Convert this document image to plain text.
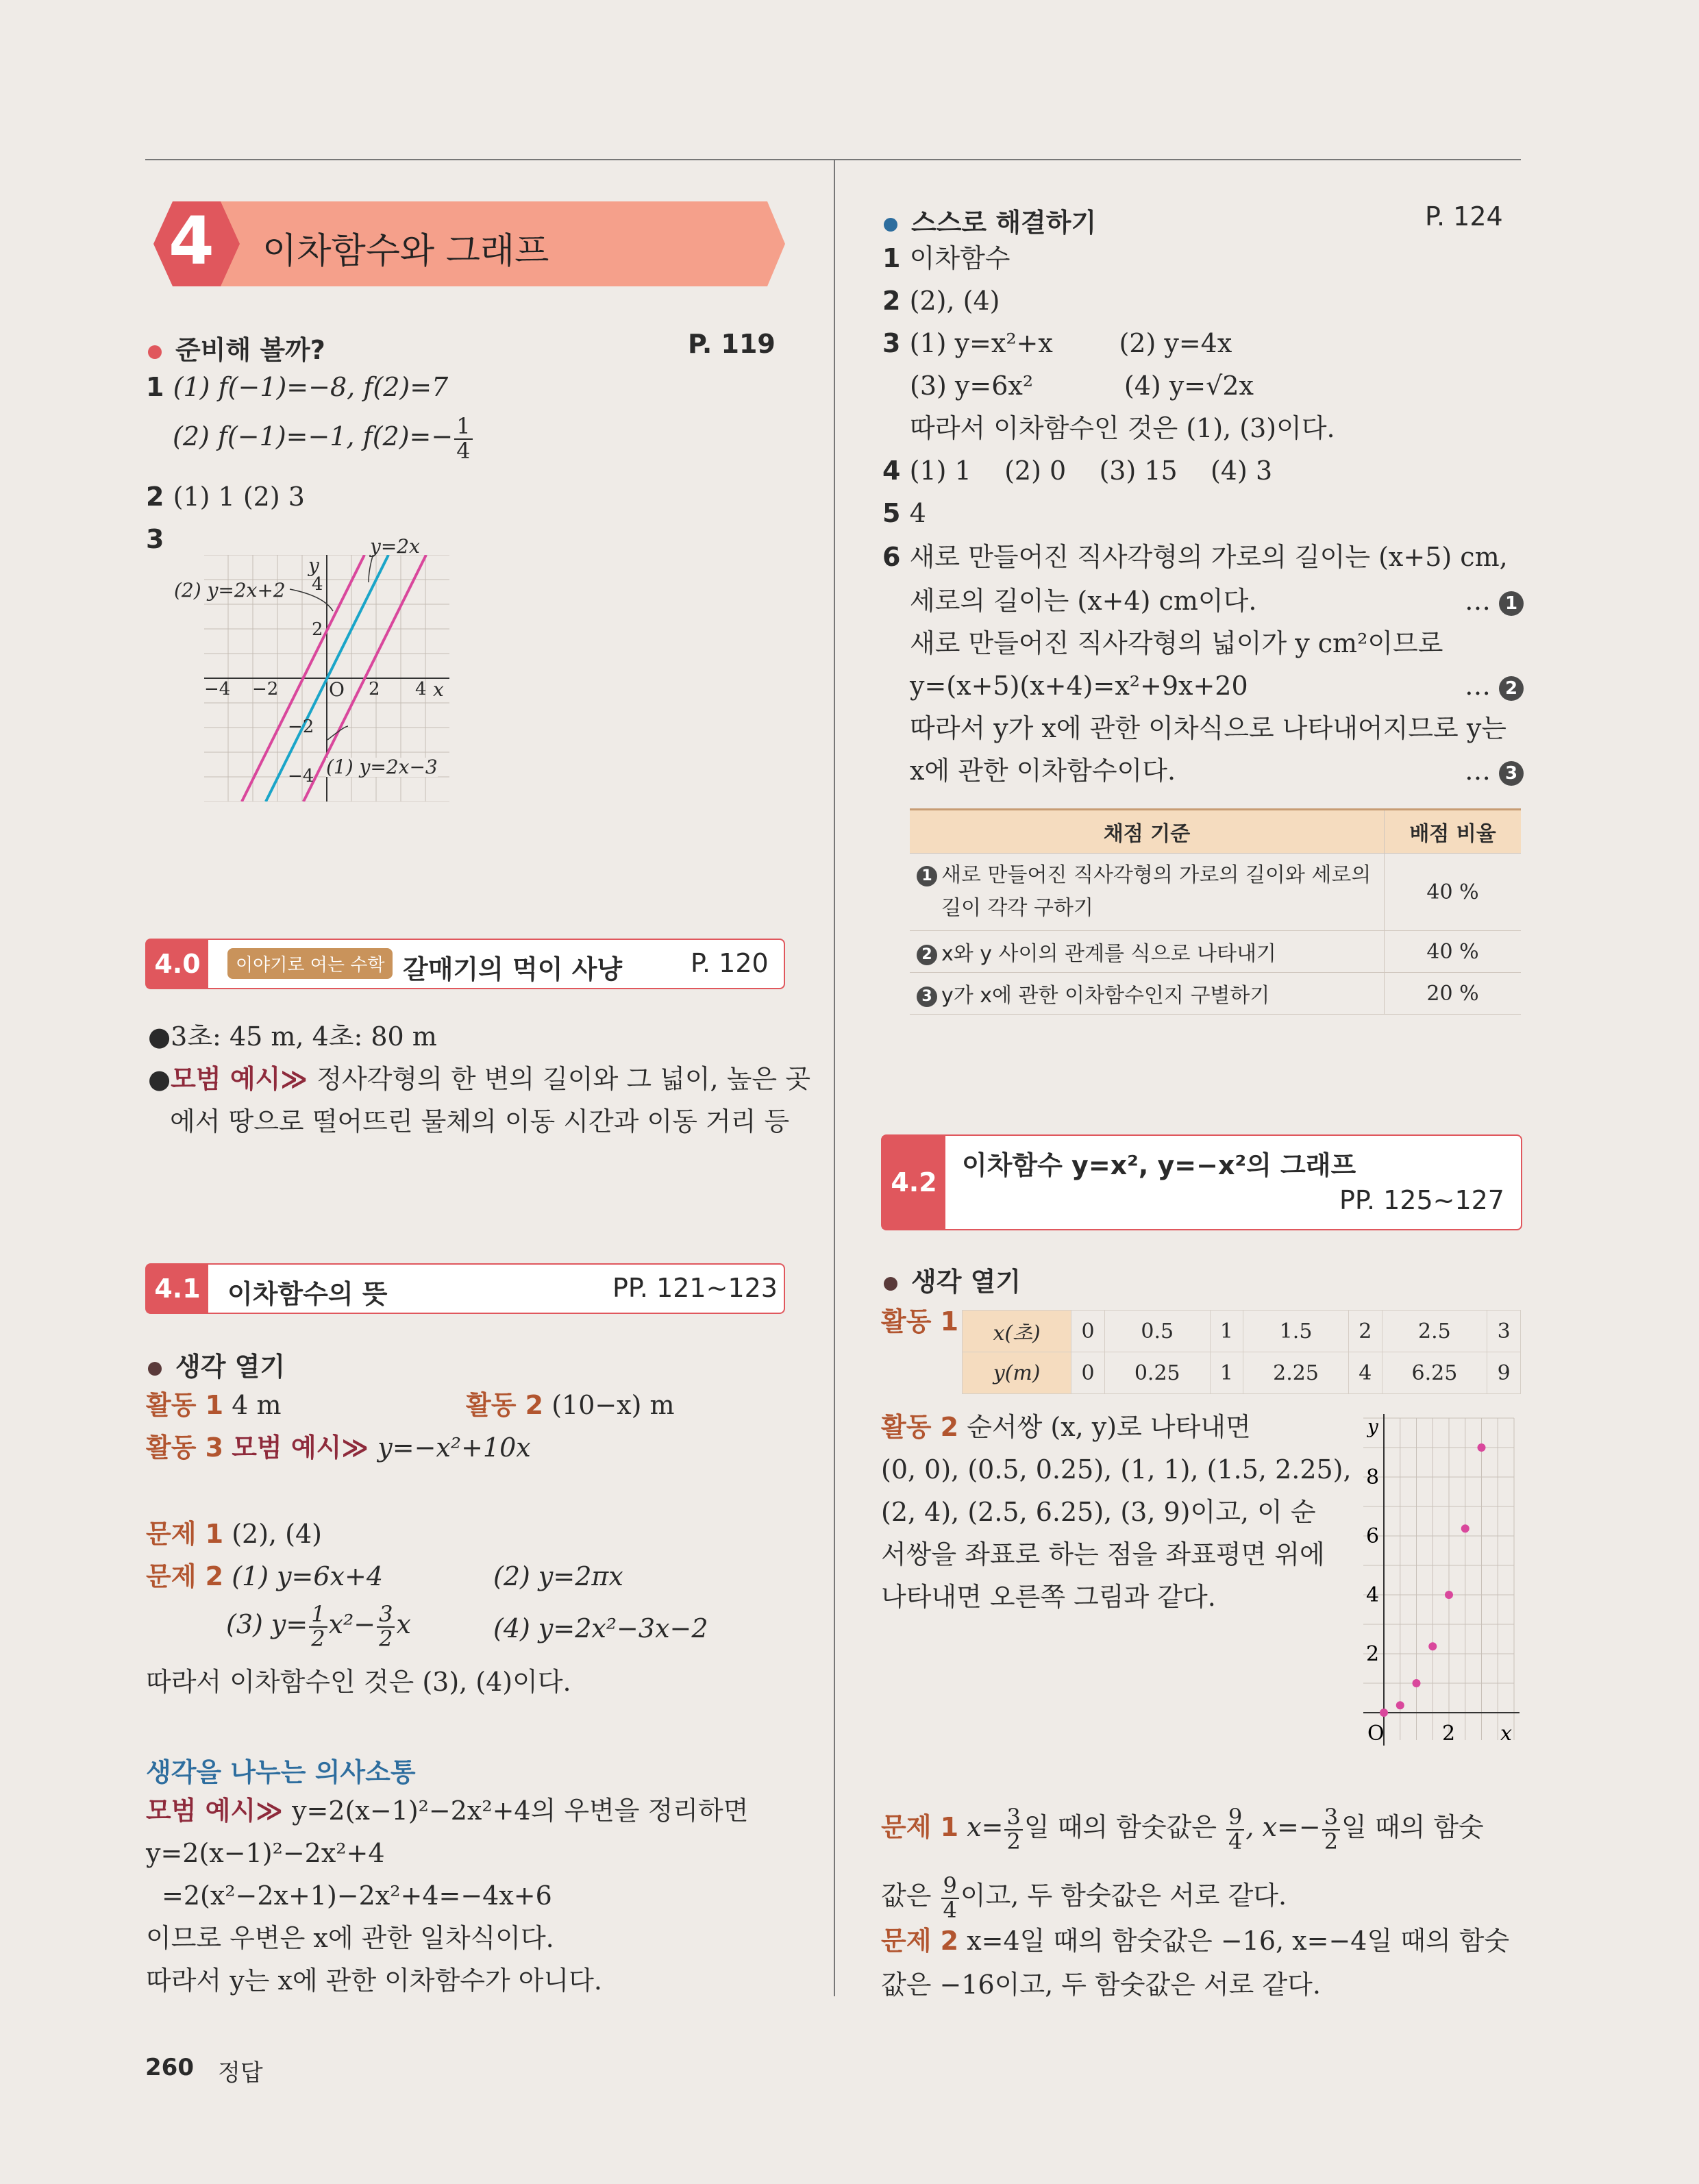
4 이차함수와 그래프
준비해 볼까?	P. 119
1 (1) f(−1)=−8, f(2)=7
(2) f(−1)=−1, $f(2)=- \frac{1}{4}$
2 (1) 1 (2) 3
3	y=2x
(2) y=2x+2
(1) y=2x−3
x
y
O
4
2
−2
−4
2 4
−2
−4
4.0	이야기로 여는 수학 갈매기의 먹이 사냥	P. 120
●3초: 45 m, 4초: 80 m
●모범 예시≫ 정사각형의 한 변의 길이와 그 넓이, 높은 곳
에서 땅으로 떨어뜨린 물체의 이동 시간과 이동 거리 등
4.1 이차함수의 뜻	PP. 121~123
생각 열기
활동 1 4 m	활동 2 (10−x) m
활동 3 모범 예시≫ y=−x²+10x
문제 1 (2), (4)
문제 2 (1) y=6x+4	(2) y=2πx
(3) $y= \frac{1}{2} x^2- \frac{3}{2}$ x	(4) y=2x²−3x−2
따라서 이차함수인 것은 (3), (4)이다.
생각을 나누는 의사소통
모범 예시≫ y=2(x−1)²−2x²+4의 우변을 정리하면
y=2(x−1)²−2x²+4
=2(x²−2x+1)−2x²+4=−4x+6
이므로 우변은 x에 관한 일차식이다.
따라서 y는 x에 관한 이차함수가 아니다.
260 정답
스스로 해결하기	P. 124
1 이차함수
2 (2), (4)
3 (1) y=x²+x        (2) y=4x
(3) y=6x²           (4) y=√2x
따라서 이차함수인 것은 (1), (3)이다.
4 (1) 1    (2) 0    (3) 15    (4) 3
5 4
6 새로 만들어진 직사각형의 가로의 길이는 (x+5) cm,
세로의 길이는 (x+4) cm이다.	… 1
새로 만들어진 직사각형의 넓이가 y cm²이므로
y=(x+5)(x+4)=x²+9x+20	… 2
따라서 y가 x에 관한 이차식으로 나타내어지므로 y는
x에 관한 이차함수이다.	… 3
채점 기준	배점 비율
1 새로 만들어진 직사각형의 가로의 길이와 세로의
길이 각각 구하기	40 %
2 x와 y 사이의 관계를 식으로 나타내기	40 %
3 y가 x에 관한 이차함수인지 구별하기	20 %
4.2
이차함수 y=x², y=−x²의 그래프
PP. 125~127
생각 열기
활동 1 x(초)	0	0.5	1	1.5	2	2.5	3
y(m)	0	0.25	1	2.25	4	6.25	9
활동 2 순서쌍 (x, y)로 나타내면
(0, 0), (0.5, 0.25), (1, 1), (1.5, 2.25),
(2, 4), (2.5, 6.25), (3, 9)이고, 이 순
서쌍을 좌표로 하는 점을 좌표평면 위에
나타내면 오른쪽 그림과 같다.
x
y
O	2
2
4
6
8
문제 1 $x= \frac{3}{2}$ 일 때의 함숫값은 $\frac{9}{4}$ , $x=- \frac{3}{2}$ 일 때의 함숫
값은 $\frac{9}{4}$ 이고, 두 함숫값은 서로 같다.
문제 2 x=4일 때의 함숫값은 −16, x=−4일 때의 함숫
값은 −16이고, 두 함숫값은 서로 같다.
